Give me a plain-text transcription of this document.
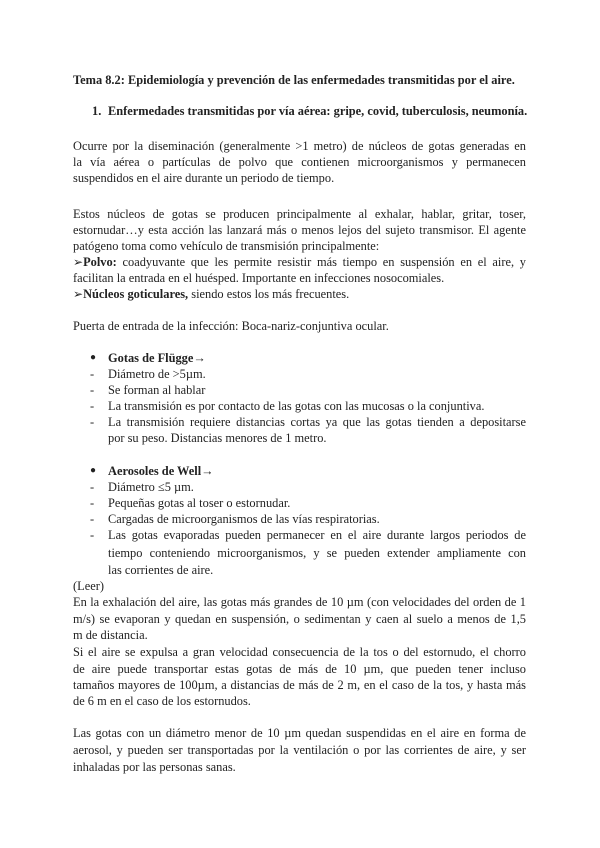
Tema 8.2: Epidemiología y prevención de las enfermedades transmitidas por el aire.
1. Enfermedades transmitidas por vía aérea: gripe, covid, tuberculosis, neumonía.
Ocurre por la diseminación (generalmente >1 metro) de núcleos de gotas generadas en
la vía aérea o partículas de polvo que contienen microorganismos y permanecen
suspendidos en el aire durante un periodo de tiempo.
Estos núcleos de gotas se producen principalmente al exhalar, hablar, gritar, toser,
estornudar…y esta acción las lanzará más o menos lejos del sujeto transmisor. El agente
patógeno toma como vehículo de transmisión principalmente:
➢Polvo: coadyuvante que les permite resistir más tiempo en suspensión en el aire, y
facilitan la entrada en el huésped. Importante en infecciones nosocomiales.
➢Núcleos goticulares, siendo estos los más frecuentes.
Puerta de entrada de la infección: Boca-nariz-conjuntiva ocular.
● Gotas de Flügge→
- Diámetro de >5µm.
- Se forman al hablar
- La transmisión es por contacto de las gotas con las mucosas o la conjuntiva.
- La transmisión requiere distancias cortas ya que las gotas tienden a depositarse
por su peso. Distancias menores de 1 metro.
● Aerosoles de Well→
- Diámetro ≤5 µm.
- Pequeñas gotas al toser o estornudar.
- Cargadas de microorganismos de las vías respiratorias.
- Las gotas evaporadas pueden permanecer en el aire durante largos periodos de
tiempo conteniendo microorganismos, y se pueden extender ampliamente con
las corrientes de aire.
(Leer)
En la exhalación del aire, las gotas más grandes de 10 µm (con velocidades del orden de 1
m/s) se evaporan y quedan en suspensión, o sedimentan y caen al suelo a menos de 1,5
m de distancia.
Si el aire se expulsa a gran velocidad consecuencia de la tos o del estornudo, el chorro
de aire puede transportar estas gotas de más de 10 µm, que pueden tener incluso
tamaños mayores de 100µm, a distancias de más de 2 m, en el caso de la tos, y hasta más
de 6 m en el caso de los estornudos.
Las gotas con un diámetro menor de 10 µm quedan suspendidas en el aire en forma de
aerosol, y pueden ser transportadas por la ventilación o por las corrientes de aire, y ser
inhaladas por las personas sanas.
